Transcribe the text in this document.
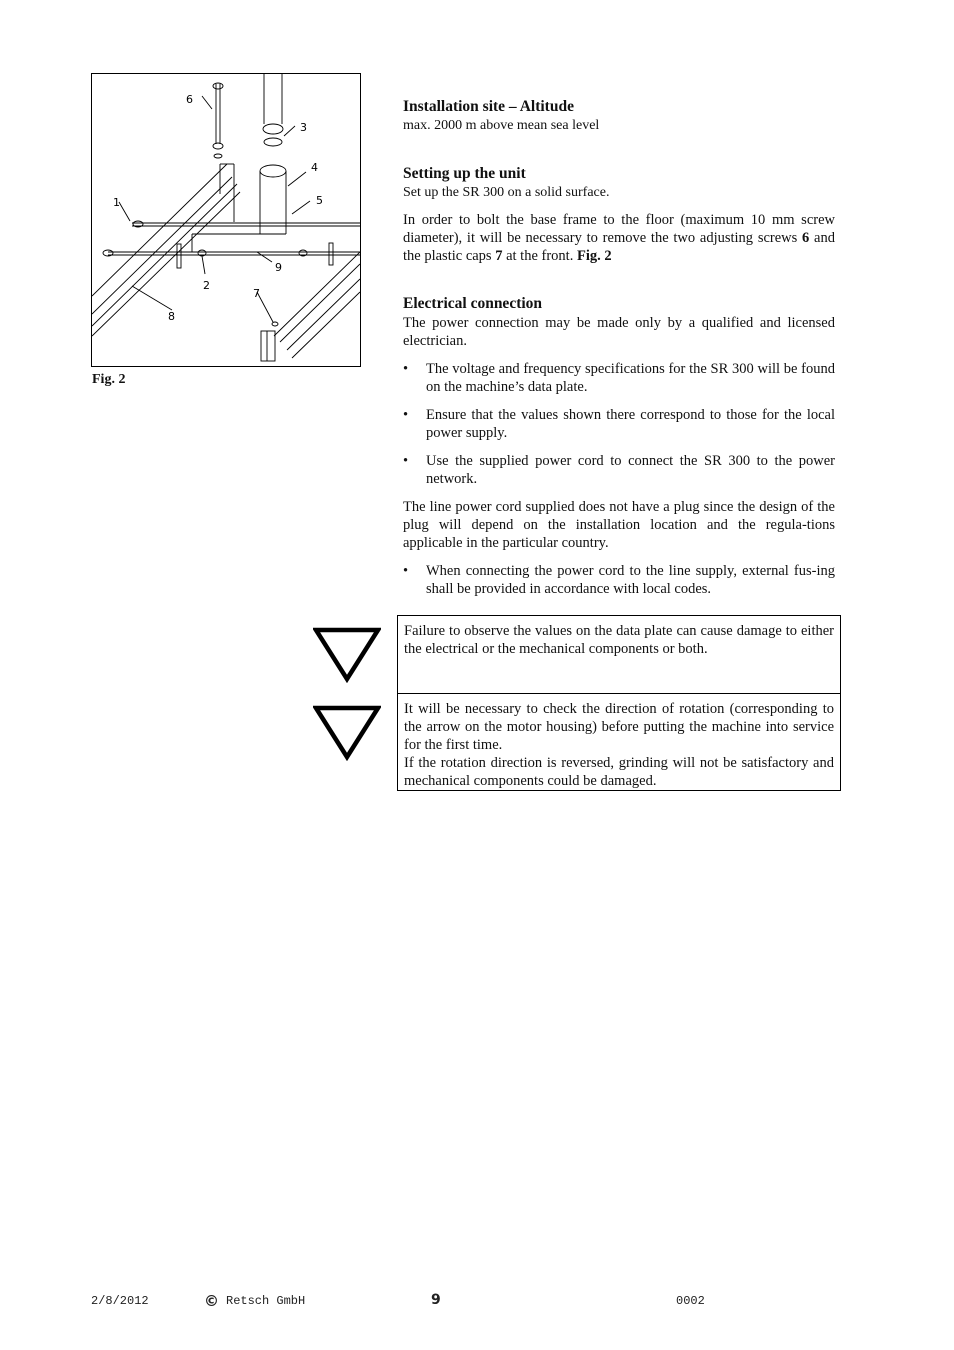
6
3
4
5
1
2
7
8
9
Fig. 2
Installation site – Altitude

max. 2000 m above mean sea level

Setting up the unit

Set up the SR 300 on a solid surface.

In order to bolt the base frame to the floor (maximum 10 mm screw diameter), it will be necessary to remove the two adjusting screws 6 and the plastic caps 7 at the front. Fig. 2

Electrical connection

The power connection may be made only by a qualified and licensed electrician.

• The voltage and frequency specifications for the SR 300 will be found on the machine’s data plate.
• Ensure that the values shown there correspond to those for the local power supply.
• Use the supplied power cord to connect the SR 300 to the power network.

The line power cord supplied does not have a plug since the design of the plug will depend on the installation location and the regula-tions applicable in the particular country.

• When connecting the power cord to the line supply, external fus-ing shall be provided in accordance with local codes.
Failure to observe the values on the data plate can cause damage to either the electrical or the mechanical components or both.
It will be necessary to check the direction of rotation (corresponding to the arrow on the motor housing) before putting the machine into service for the first time.
If the rotation direction is reversed, grinding will not be satisfactory and mechanical components could be damaged.
2/8/2012	© Retsch GmbH	9	0002
